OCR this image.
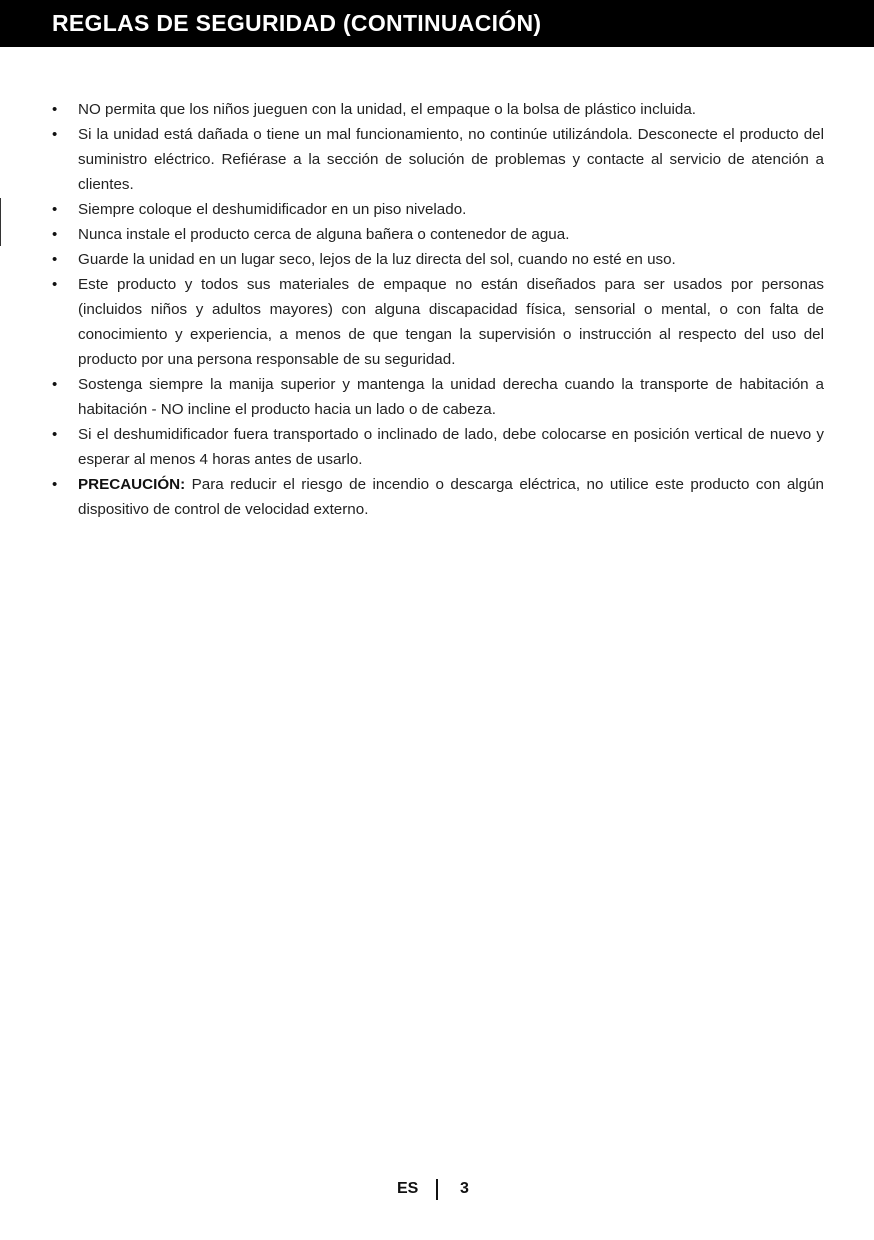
REGLAS DE SEGURIDAD (CONTINUACIÓN)
•	NO permita que los niños jueguen con la unidad, el empaque o la bolsa de plástico incluida.
•	Si la unidad está dañada o tiene un mal funcionamiento, no continúe utilizándola. Desconecte el producto del suministro eléctrico. Refiérase a la sección de solución de problemas y contacte al servicio de atención a clientes.
•	Siempre coloque el deshumidificador en un piso nivelado.
•	Nunca instale el producto cerca de alguna bañera o contenedor de agua.
•	Guarde la unidad en un lugar seco, lejos de la luz directa del sol, cuando no esté en uso.
•	Este producto y todos sus materiales de empaque no están diseñados para ser usados por personas (incluidos niños y adultos mayores) con alguna discapacidad física, sensorial o mental, o con falta de conocimiento y experiencia, a menos de que tengan la supervisión o instrucción al respecto del uso del producto por una persona responsable de su seguridad.
•	Sostenga siempre la manija superior y mantenga la unidad derecha cuando la transporte de habitación a habitación - NO incline el producto hacia un lado o de cabeza.
•	Si el deshumidificador fuera transportado o inclinado de lado, debe colocarse en posición vertical de nuevo y esperar al menos 4 horas antes de usarlo.
•	PRECAUCIÓN: Para reducir el riesgo de incendio o descarga eléctrica, no utilice este producto con algún dispositivo de control de velocidad externo.
ES	3
